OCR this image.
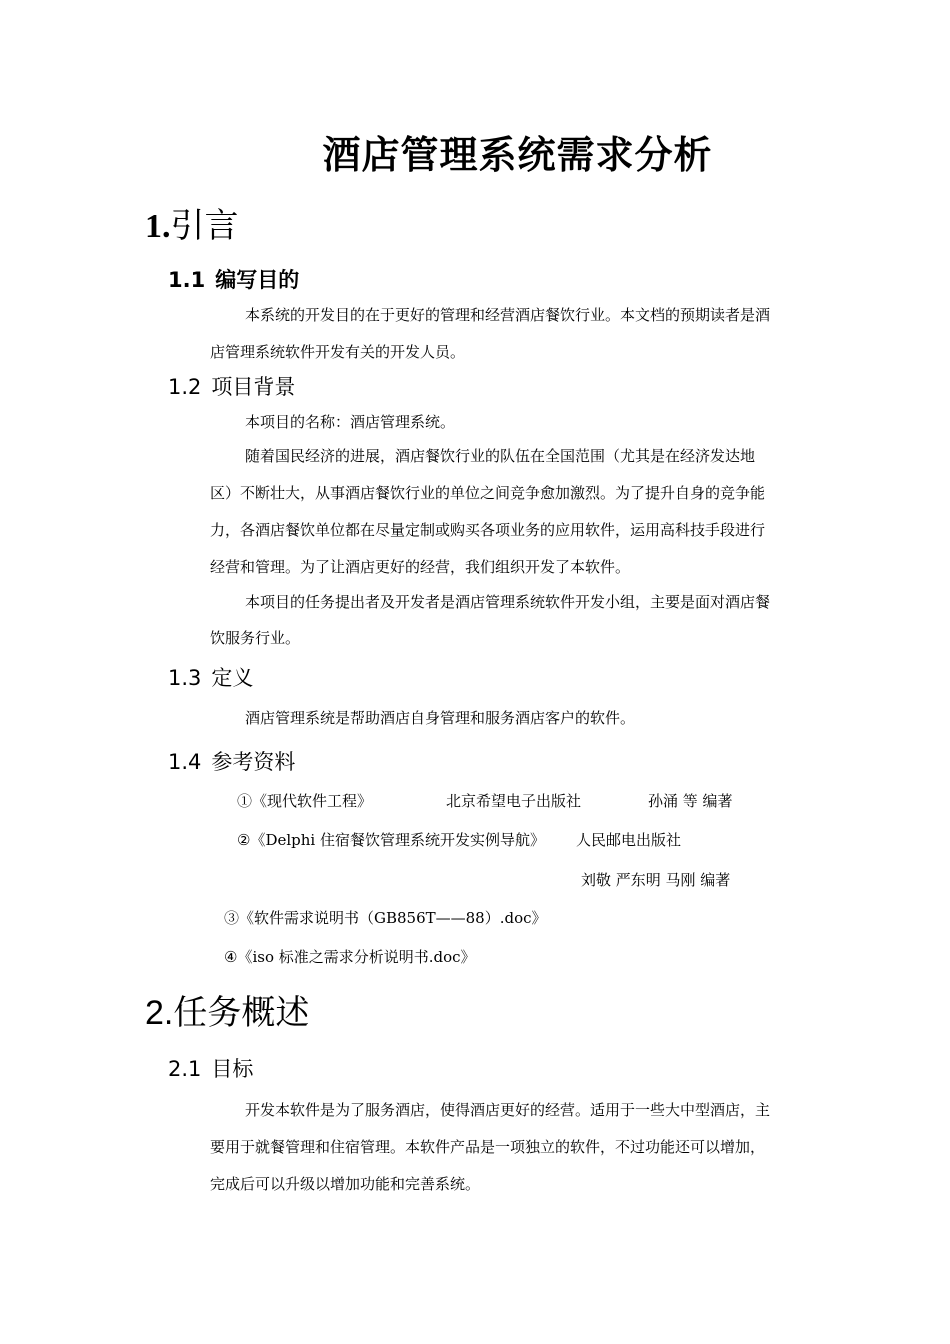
酒店管理系统需求分析
1.引言
1.1 编写目的
本系统的开发目的在于更好的管理和经营酒店餐饮行业。本文档的预期读者是酒
店管理系统软件开发有关的开发人员。
1.2 项目背景
本项目的名称：酒店管理系统。
随着国民经济的进展，酒店餐饮行业的队伍在全国范围（尤其是在经济发达地
区）不断壮大，从事酒店餐饮行业的单位之间竞争愈加激烈。为了提升自身的竞争能
力，各酒店餐饮单位都在尽量定制或购买各项业务的应用软件，运用高科技手段进行
经营和管理。为了让酒店更好的经营，我们组织开发了本软件。
本项目的任务提出者及开发者是酒店管理系统软件开发小组，主要是面对酒店餐
饮服务行业。
1.3 定义
酒店管理系统是帮助酒店自身管理和服务酒店客户的软件。
1.4 参考资料
①《现代软件工程》	北京希望电子出版社	孙涌 等 编著
②《Delphi 住宿餐饮管理系统开发实例导航》 人民邮电出版社
刘敬 严东明 马刚 编著
③《软件需求说明书（GB856T——88）.doc》
④《iso 标准之需求分析说明书.doc》
2.任务概述
2.1 目标
开发本软件是为了服务酒店，使得酒店更好的经营。适用于一些大中型酒店，主
要用于就餐管理和住宿管理。本软件产品是一项独立的软件，不过功能还可以增加，
完成后可以升级以增加功能和完善系统。
